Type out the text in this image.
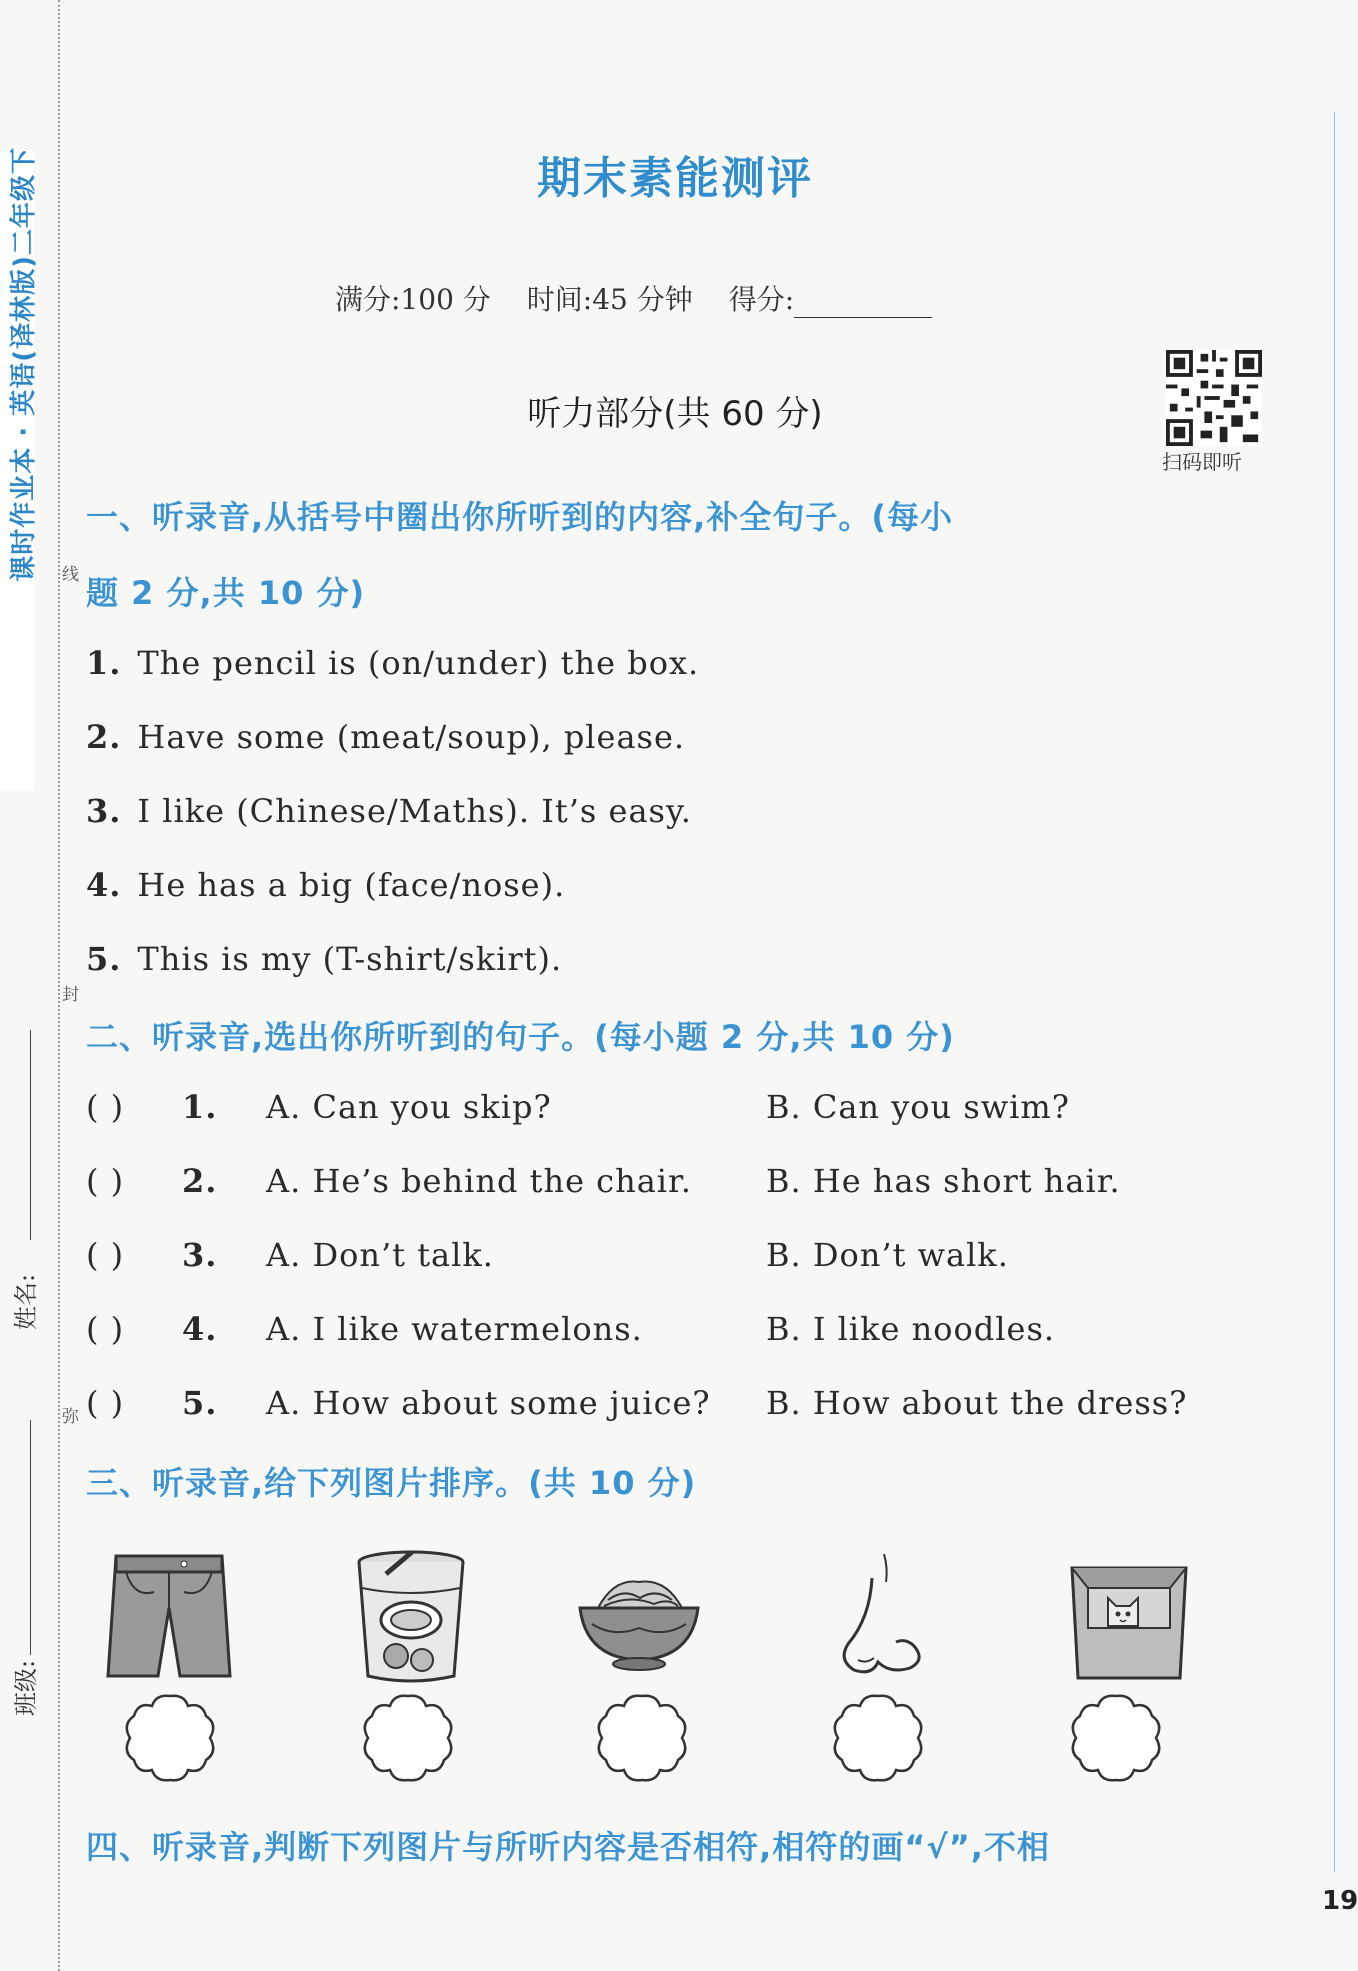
课时作业本 · 英语(译林版)二年级下 线
封
弥
姓名:
班级:
期末素能测评
满分:100 分 时间:45 分钟 得分:
听力部分(共 60 分)
扫码即听
一、听录音,从括号中圈出你所听到的内容,补全句子。(每小
题 2 分,共 10 分)
1. The pencil is (on/under) the box.
2. Have some (meat/soup), please.
3. I like (Chinese/Maths). It’s easy.
4. He has a big (face/nose).
5. This is my (T-shirt/skirt).
二、听录音,选出你所听到的句子。(每小题 2 分,共 10 分)
( ) 1. A. Can you skip?	B. Can you swim?
( ) 2. A. He’s behind the chair. B. He has short hair.
( ) 3. A. Don’t talk.	B. Don’t walk.
( ) 4. A. I like watermelons.	B. I like noodles.
( ) 5. A. How about some juice? B. How about the dress?
三、听录音,给下列图片排序。(共 10 分)
四、听录音,判断下列图片与所听内容是否相符,相符的画“√”,不相
19
